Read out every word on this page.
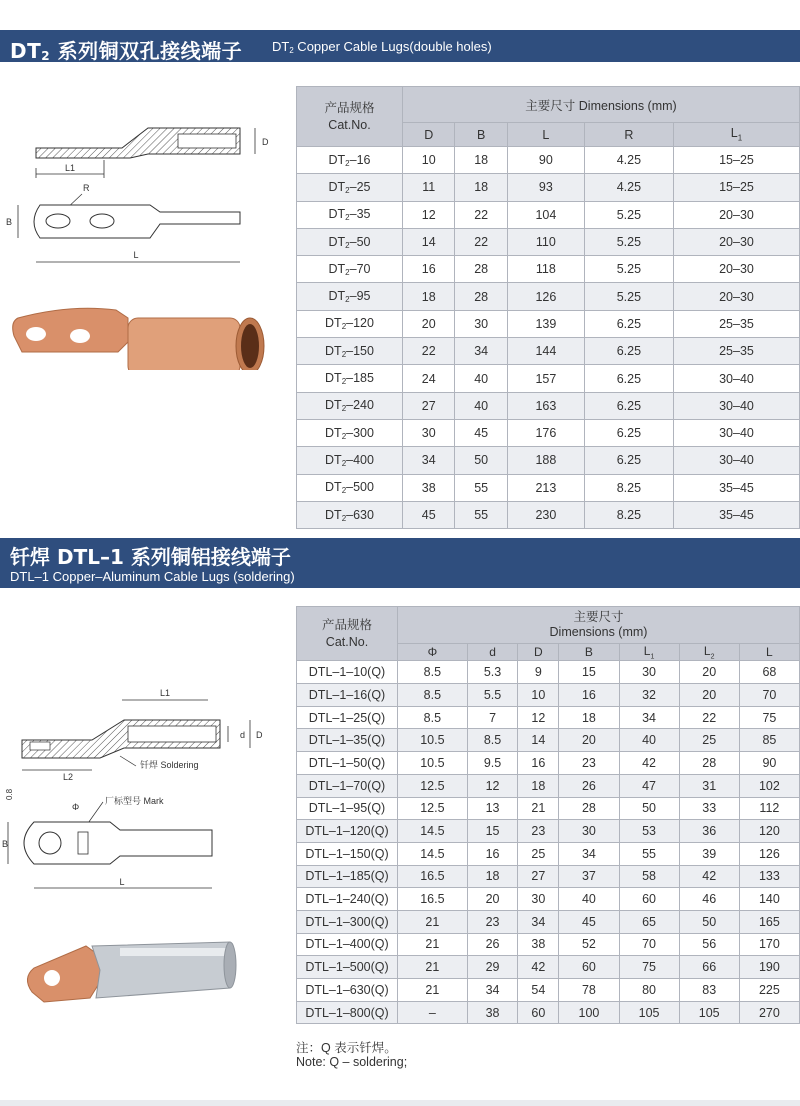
$DT_2$ 系列铜双孔接线端子 $DT_2$ Copper Cable Lugs(double holes)
L1
D
R
B
L
产品规格
Cat.No.	主要尺寸 Dimensions (mm)				
	D	B	L	R	$L_1$
DT2–16	10	18	90	4.25	15–25
DT2–25	11	18	93	4.25	15–25
DT2–35	12	22	104	5.25	20–30
DT2–50	14	22	110	5.25	20–30
DT2–70	16	28	118	5.25	20–30
DT2–95	18	28	126	5.25	20–30
DT2–120	20	30	139	6.25	25–35
DT2–150	22	34	144	6.25	25–35
DT2–185	24	40	157	6.25	30–40
DT2–240	27	40	163	6.25	30–40
DT2–300	30	45	176	6.25	30–40
DT2–400	34	50	188	6.25	30–40
DT2–500	38	55	213	8.25	35–45
DT2–630	45	55	230	8.25	35–45
钎焊 DTL–1 系列铜铝接线端子
DTL–1 Copper–Aluminum Cable Lugs (soldering)
L1
d D
L2
钎焊 Soldering
0.8
厂标型号 Mark
Φ
B
L
产品规格
Cat.No.	主要尺寸
Dimensions (mm)						
	Φ	d	D	B	$L_1$	$L_2$	L
DTL–1–10(Q)	8.5	5.3	9	15	30	20	68
DTL–1–16(Q)	8.5	5.5	10	16	32	20	70
DTL–1–25(Q)	8.5	7	12	18	34	22	75
DTL–1–35(Q)	10.5	8.5	14	20	40	25	85
DTL–1–50(Q)	10.5	9.5	16	23	42	28	90
DTL–1–70(Q)	12.5	12	18	26	47	31	102
DTL–1–95(Q)	12.5	13	21	28	50	33	112
DTL–1–120(Q)	14.5	15	23	30	53	36	120
DTL–1–150(Q)	14.5	16	25	34	55	39	126
DTL–1–185(Q)	16.5	18	27	37	58	42	133
DTL–1–240(Q)	16.5	20	30	40	60	46	140
DTL–1–300(Q)	21	23	34	45	65	50	165
DTL–1–400(Q)	21	26	38	52	70	56	170
DTL–1–500(Q)	21	29	42	60	75	66	190
DTL–1–630(Q)	21	34	54	78	80	83	225
DTL–1–800(Q)	–	38	60	100	105	105	270
注：Q 表示钎焊。
Note: Q – soldering;
